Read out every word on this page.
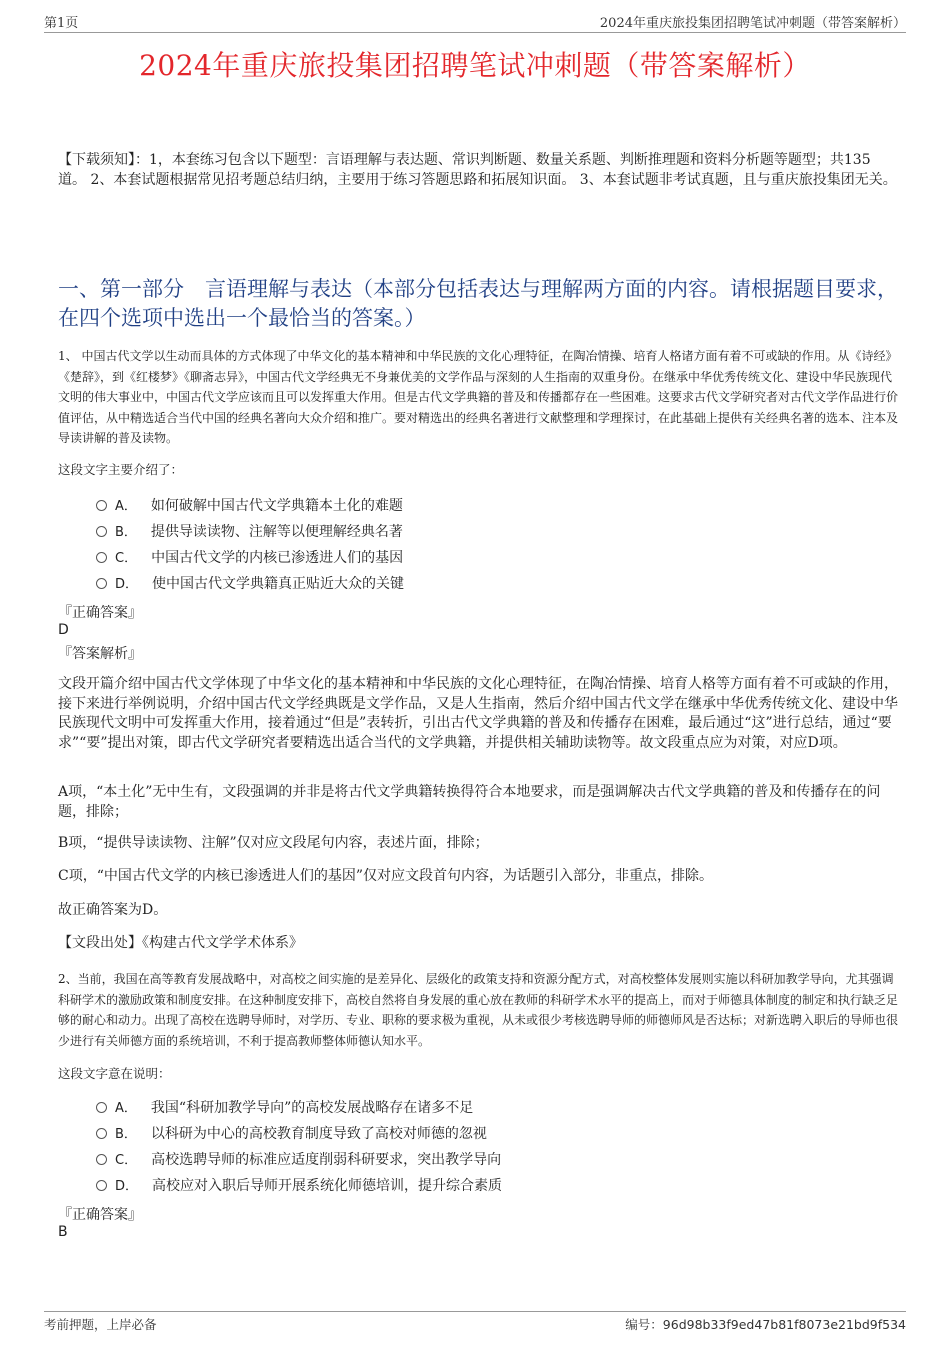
第1页	2024年重庆旅投集团招聘笔试冲刺题（带答案解析）
2024年重庆旅投集团招聘笔试冲刺题（带答案解析）
【下载须知】：1，本套练习包含以下题型：言语理解与表达题、常识判断题、数量关系题、判断推理题和资料分析题等题型；共135道。 2、本套试题根据常见招考题总结归纳，主要用于练习答题思路和拓展知识面。 3、本套试题非考试真题，且与重庆旅投集团无关。
一、第一部分　言语理解与表达（本部分包括表达与理解两方面的内容。请根据题目要求，在四个选项中选出一个最恰当的答案。）
1、 中国古代文学以生动而具体的方式体现了中华文化的基本精神和中华民族的文化心理特征，在陶冶情操、培育人格诸方面有着不可或缺的作用。从《诗经》《楚辞》，到《红楼梦》《聊斋志异》，中国古代文学经典无不身兼优美的文学作品与深刻的人生指南的双重身份。在继承中华优秀传统文化、建设中华民族现代文明的伟大事业中，中国古代文学应该而且可以发挥重大作用。但是古代文学典籍的普及和传播都存在一些困难。这要求古代文学研究者对古代文学作品进行价值评估，从中精选适合当代中国的经典名著向大众介绍和推广。要对精选出的经典名著进行文献整理和学理探讨，在此基础上提供有关经典名著的选本、注本及导读讲解的普及读物。
这段文字主要介绍了：
A． 如何破解中国古代文学典籍本土化的难题
B． 提供导读读物、注解等以便理解经典名著
C． 中国古代文学的内核已渗透进人们的基因
D． 使中国古代文学典籍真正贴近大众的关键
『正确答案』
D
『答案解析』
文段开篇介绍中国古代文学体现了中华文化的基本精神和中华民族的文化心理特征，在陶冶情操、培育人格等方面有着不可或缺的作用，接下来进行举例说明，介绍中国古代文学经典既是文学作品，又是人生指南，然后介绍中国古代文学在继承中华优秀传统文化、建设中华民族现代文明中可发挥重大作用，接着通过“但是”表转折，引出古代文学典籍的普及和传播存在困难，最后通过“这”进行总结，通过“要求”“要”提出对策，即古代文学研究者要精选出适合当代的文学典籍，并提供相关辅助读物等。故文段重点应为对策，对应D项。
A项，“本土化”无中生有，文段强调的并非是将古代文学典籍转换得符合本地要求，而是强调解决古代文学典籍的普及和传播存在的问题，排除；
B项，“提供导读读物、注解”仅对应文段尾句内容，表述片面，排除；
C项，“中国古代文学的内核已渗透进人们的基因”仅对应文段首句内容，为话题引入部分，非重点，排除。
故正确答案为D。
【文段出处】《构建古代文学学术体系》
2、当前，我国在高等教育发展战略中，对高校之间实施的是差异化、层级化的政策支持和资源分配方式，对高校整体发展则实施以科研加教学导向，尤其强调科研学术的激励政策和制度安排。在这种制度安排下，高校自然将自身发展的重心放在教师的科研学术水平的提高上，而对于师德具体制度的制定和执行缺乏足够的耐心和动力。出现了高校在选聘导师时，对学历、专业、职称的要求极为重视，从未或很少考核选聘导师的师德师风是否达标；对新选聘入职后的导师也很少进行有关师德方面的系统培训，不利于提高教师整体师德认知水平。
这段文字意在说明：
A． 我国“科研加教学导向”的高校发展战略存在诸多不足
B． 以科研为中心的高校教育制度导致了高校对师德的忽视
C． 高校选聘导师的标准应适度削弱科研要求，突出教学导向
D． 高校应对入职后导师开展系统化师德培训，提升综合素质
『正确答案』
B
考前押题，上岸必备	编号：96d98b33f9ed47b81f8073e21bd9f534
